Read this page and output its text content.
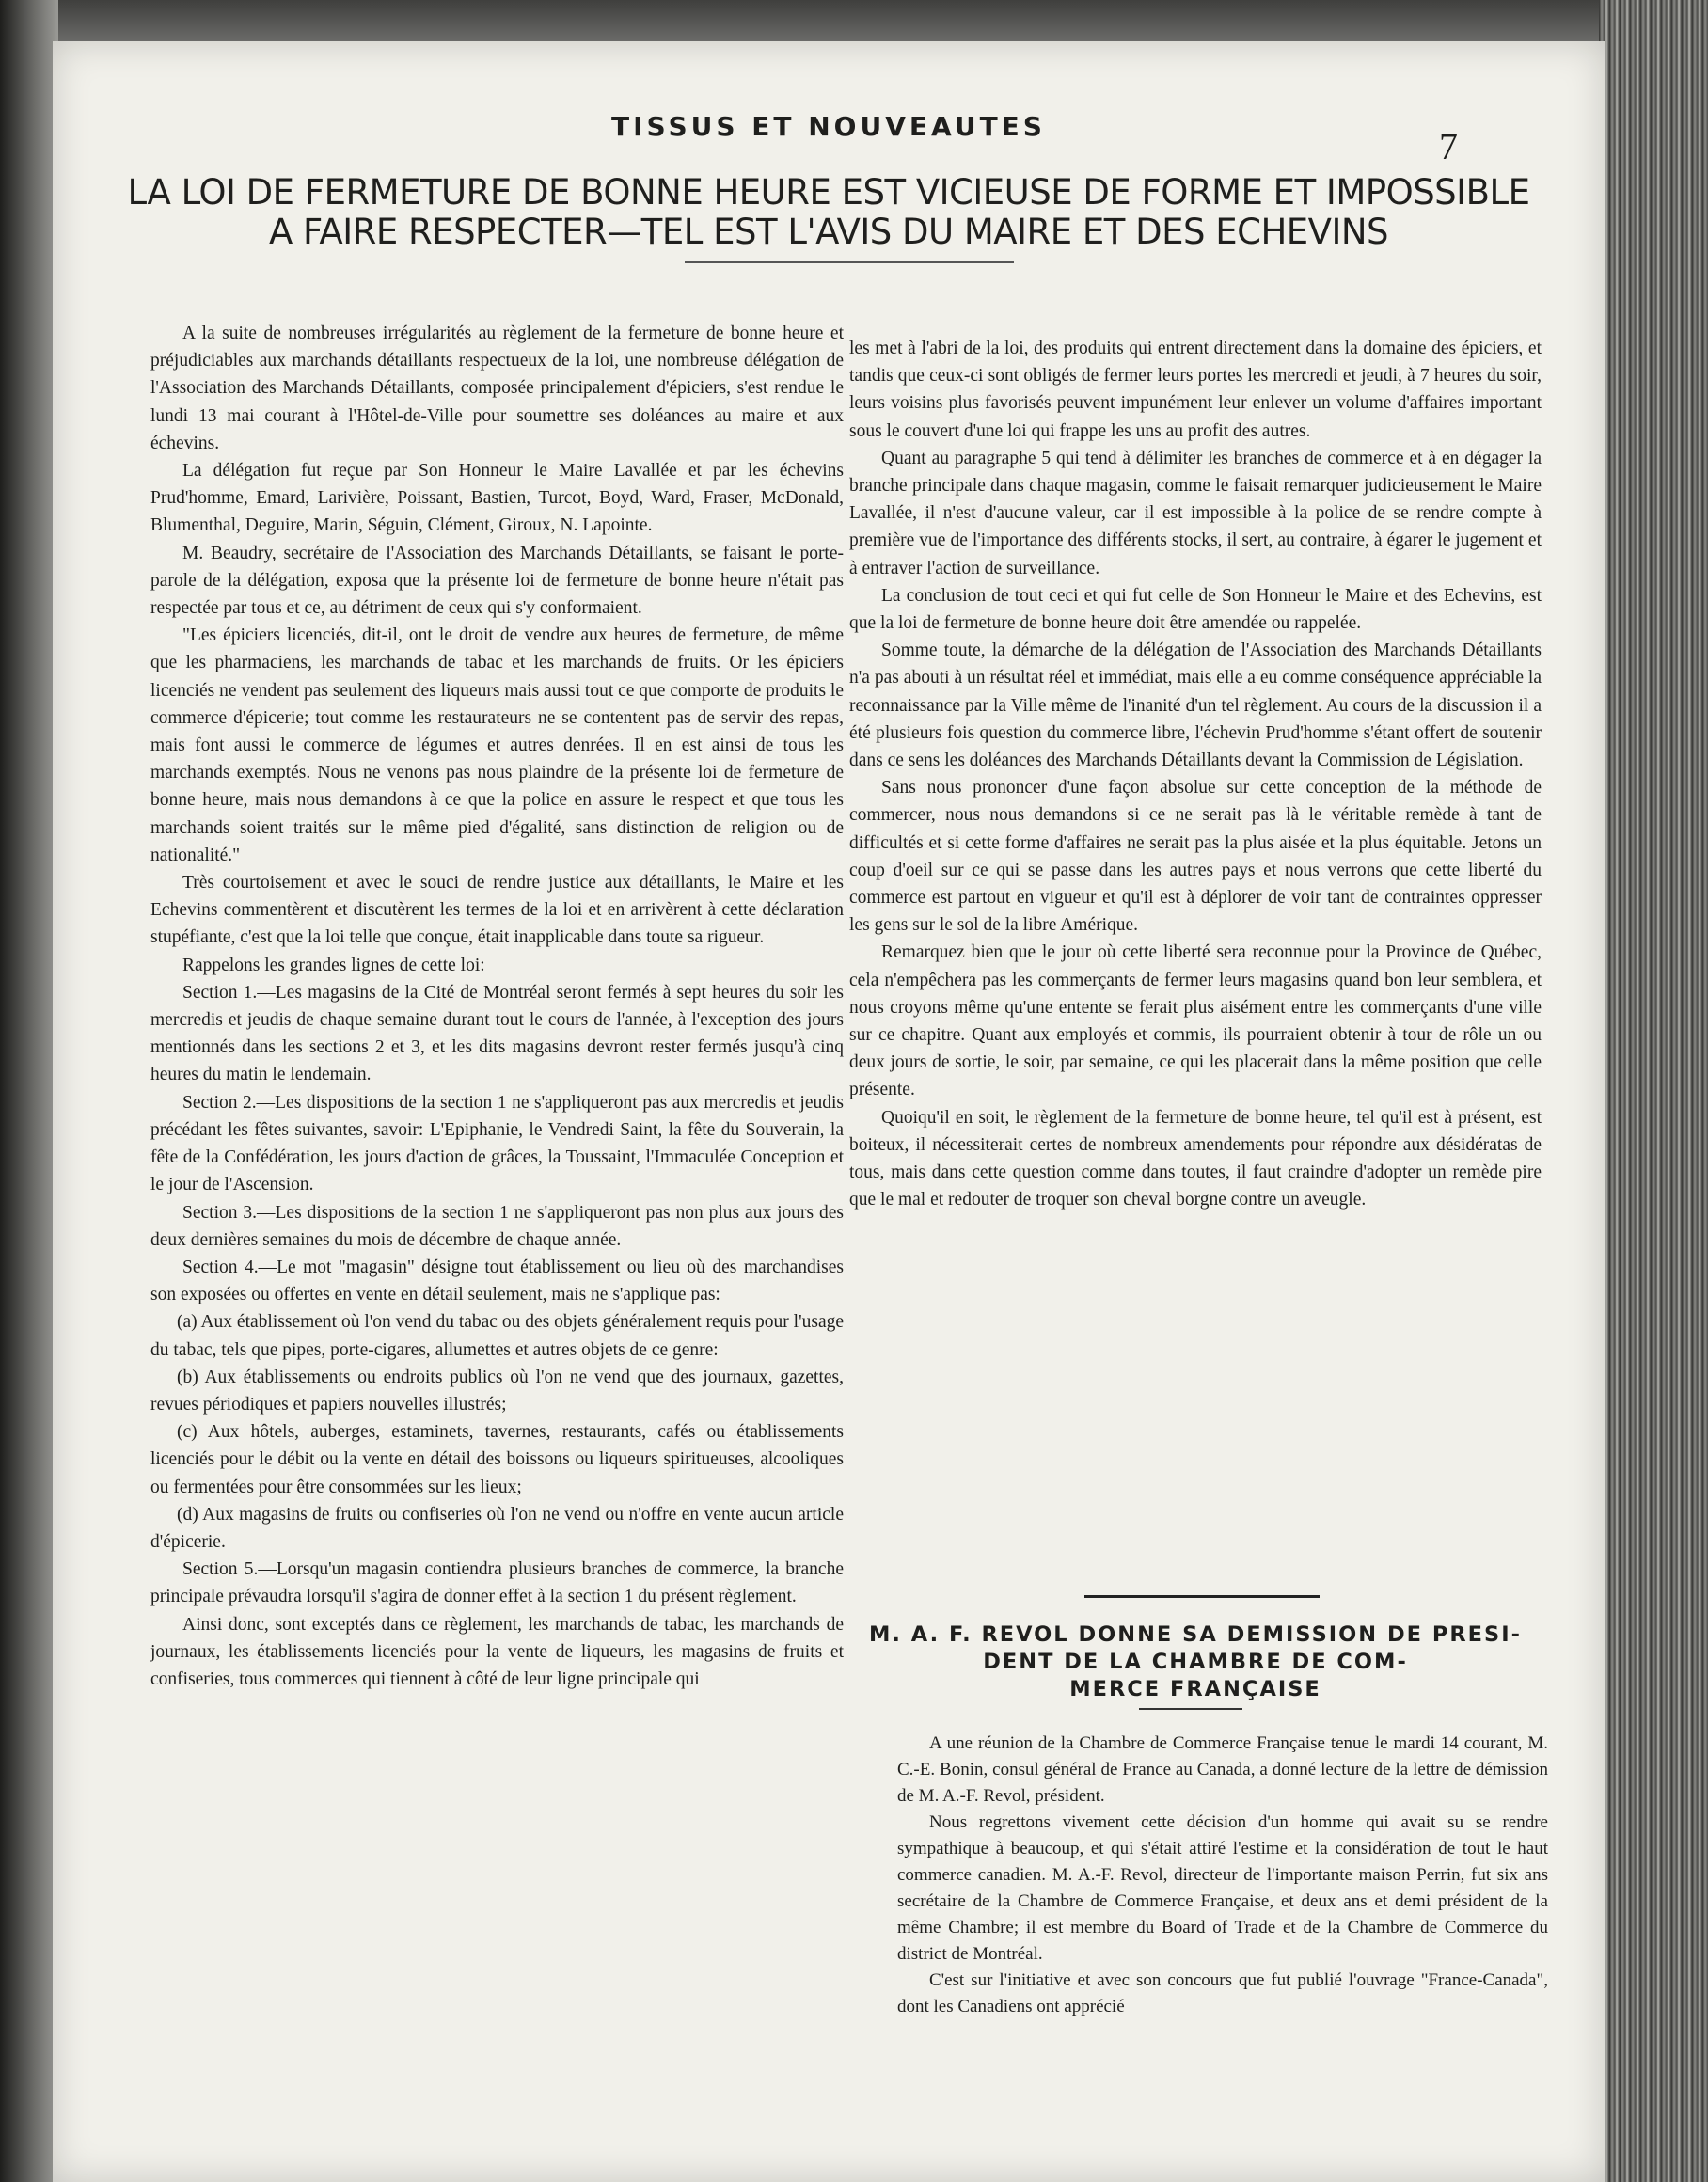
TISSUS ET NOUVEAUTES	7
LA LOI DE FERMETURE DE BONNE HEURE EST VICIEUSE DE FORME ET IMPOSSIBLE
A FAIRE RESPECTER—TEL EST L'AVIS DU MAIRE ET DES ECHEVINS

A la suite de nombreuses irrégularités au règlement de la fermeture de bonne heure et préjudiciables aux marchands détaillants respectueux de la loi, une nombreuse délégation de l'Association des Marchands Détaillants, composée principalement d'épiciers, s'est rendue le lundi 13 mai courant à l'Hôtel-de-Ville pour soumettre ses doléances au maire et aux échevins.

La délégation fut reçue par Son Honneur le Maire Lavallée et par les échevins Prud'homme, Emard, Larivière, Poissant, Bastien, Turcot, Boyd, Ward, Fraser, McDonald, Blumenthal, Deguire, Marin, Séguin, Clément, Giroux, N. Lapointe.

M. Beaudry, secrétaire de l'Association des Marchands Détaillants, se faisant le porte-parole de la délégation, exposa que la présente loi de fermeture de bonne heure n'était pas respectée par tous et ce, au détriment de ceux qui s'y conformaient.

"Les épiciers licenciés, dit-il, ont le droit de vendre aux heures de fermeture, de même que les pharmaciens, les marchands de tabac et les marchands de fruits. Or les épiciers licenciés ne vendent pas seulement des liqueurs mais aussi tout ce que comporte de produits le commerce d'épicerie; tout comme les restaurateurs ne se contentent pas de servir des repas, mais font aussi le commerce de légumes et autres denrées. Il en est ainsi de tous les marchands exemptés. Nous ne venons pas nous plaindre de la présente loi de fermeture de bonne heure, mais nous demandons à ce que la police en assure le respect et que tous les marchands soient traités sur le même pied d'égalité, sans distinction de religion ou de nationalité."

Très courtoisement et avec le souci de rendre justice aux détaillants, le Maire et les Echevins commentèrent et discutèrent les termes de la loi et en arrivèrent à cette déclaration stupéfiante, c'est que la loi telle que conçue, était inapplicable dans toute sa rigueur.

Rappelons les grandes lignes de cette loi:

Section 1.—Les magasins de la Cité de Montréal seront fermés à sept heures du soir les mercredis et jeudis de chaque semaine durant tout le cours de l'année, à l'exception des jours mentionnés dans les sections 2 et 3, et les dits magasins devront rester fermés jusqu'à cinq heures du matin le lendemain.

Section 2.—Les dispositions de la section 1 ne s'appliqueront pas aux mercredis et jeudis précédant les fêtes suivantes, savoir: L'Epiphanie, le Vendredi Saint, la fête du Souverain, la fête de la Confédération, les jours d'action de grâces, la Toussaint, l'Immaculée Conception et le jour de l'Ascension.

Section 3.—Les dispositions de la section 1 ne s'appliqueront pas non plus aux jours des deux dernières semaines du mois de décembre de chaque année.

Section 4.—Le mot "magasin" désigne tout établissement ou lieu où des marchandises son exposées ou offertes en vente en détail seulement, mais ne s'applique pas:

(a) Aux établissement où l'on vend du tabac ou des objets généralement requis pour l'usage du tabac, tels que pipes, porte-cigares, allumettes et autres objets de ce genre:

(b) Aux établissements ou endroits publics où l'on ne vend que des journaux, gazettes, revues périodiques et papiers nouvelles illustrés;

(c) Aux hôtels, auberges, estaminets, tavernes, restaurants, cafés ou établissements licenciés pour le débit ou la vente en détail des boissons ou liqueurs spiritueuses, alcooliques ou fermentées pour être consommées sur les lieux;

(d) Aux magasins de fruits ou confiseries où l'on ne vend ou n'offre en vente aucun article d'épicerie.

Section 5.—Lorsqu'un magasin contiendra plusieurs branches de commerce, la branche principale prévaudra lorsqu'il s'agira de donner effet à la section 1 du présent règlement.

Ainsi donc, sont exceptés dans ce règlement, les marchands de tabac, les marchands de journaux, les établissements licenciés pour la vente de liqueurs, les magasins de fruits et confiseries, tous commerces qui tiennent à côté de leur ligne principale qui

les met à l'abri de la loi, des produits qui entrent directement dans la domaine des épiciers, et tandis que ceux-ci sont obligés de fermer leurs portes les mercredi et jeudi, à 7 heures du soir, leurs voisins plus favorisés peuvent impunément leur enlever un volume d'affaires important sous le couvert d'une loi qui frappe les uns au profit des autres.

Quant au paragraphe 5 qui tend à délimiter les branches de commerce et à en dégager la branche principale dans chaque magasin, comme le faisait remarquer judicieusement le Maire Lavallée, il n'est d'aucune valeur, car il est impossible à la police de se rendre compte à première vue de l'importance des différents stocks, il sert, au contraire, à égarer le jugement et à entraver l'action de surveillance.

La conclusion de tout ceci et qui fut celle de Son Honneur le Maire et des Echevins, est que la loi de fermeture de bonne heure doit être amendée ou rappelée.

Somme toute, la démarche de la délégation de l'Association des Marchands Détaillants n'a pas abouti à un résultat réel et immédiat, mais elle a eu comme conséquence appréciable la reconnaissance par la Ville même de l'inanité d'un tel règlement. Au cours de la discussion il a été plusieurs fois question du commerce libre, l'échevin Prud'homme s'étant offert de soutenir dans ce sens les doléances des Marchands Détaillants devant la Commission de Législation.

Sans nous prononcer d'une façon absolue sur cette conception de la méthode de commercer, nous nous demandons si ce ne serait pas là le véritable remède à tant de difficultés et si cette forme d'affaires ne serait pas la plus aisée et la plus équitable. Jetons un coup d'oeil sur ce qui se passe dans les autres pays et nous verrons que cette liberté du commerce est partout en vigueur et qu'il est à déplorer de voir tant de contraintes oppresser les gens sur le sol de la libre Amérique.

Remarquez bien que le jour où cette liberté sera reconnue pour la Province de Québec, cela n'empêchera pas les commerçants de fermer leurs magasins quand bon leur semblera, et nous croyons même qu'une entente se ferait plus aisément entre les commerçants d'une ville sur ce chapitre. Quant aux employés et commis, ils pourraient obtenir à tour de rôle un ou deux jours de sortie, le soir, par semaine, ce qui les placerait dans la même position que celle présente.

Quoiqu'il en soit, le règlement de la fermeture de bonne heure, tel qu'il est à présent, est boiteux, il nécessiterait certes de nombreux amendements pour répondre aux désidératas de tous, mais dans cette question comme dans toutes, il faut craindre d'adopter un remède pire que le mal et redouter de troquer son cheval borgne contre un aveugle.

M. A. F. REVOL DONNE SA DEMISSION DE PRESI-
DENT DE LA CHAMBRE DE COM-
MERCE FRANÇAISE

A une réunion de la Chambre de Commerce Française tenue le mardi 14 courant, M. C.-E. Bonin, consul général de France au Canada, a donné lecture de la lettre de démission de M. A.-F. Revol, président.

Nous regrettons vivement cette décision d'un homme qui avait su se rendre sympathique à beaucoup, et qui s'était attiré l'estime et la considération de tout le haut commerce canadien. M. A.-F. Revol, directeur de l'importante maison Perrin, fut six ans secrétaire de la Chambre de Commerce Française, et deux ans et demi président de la même Chambre; il est membre du Board of Trade et de la Chambre de Commerce du district de Montréal.

C'est sur l'initiative et avec son concours que fut publié l'ouvrage "France-Canada", dont les Canadiens ont apprécié
